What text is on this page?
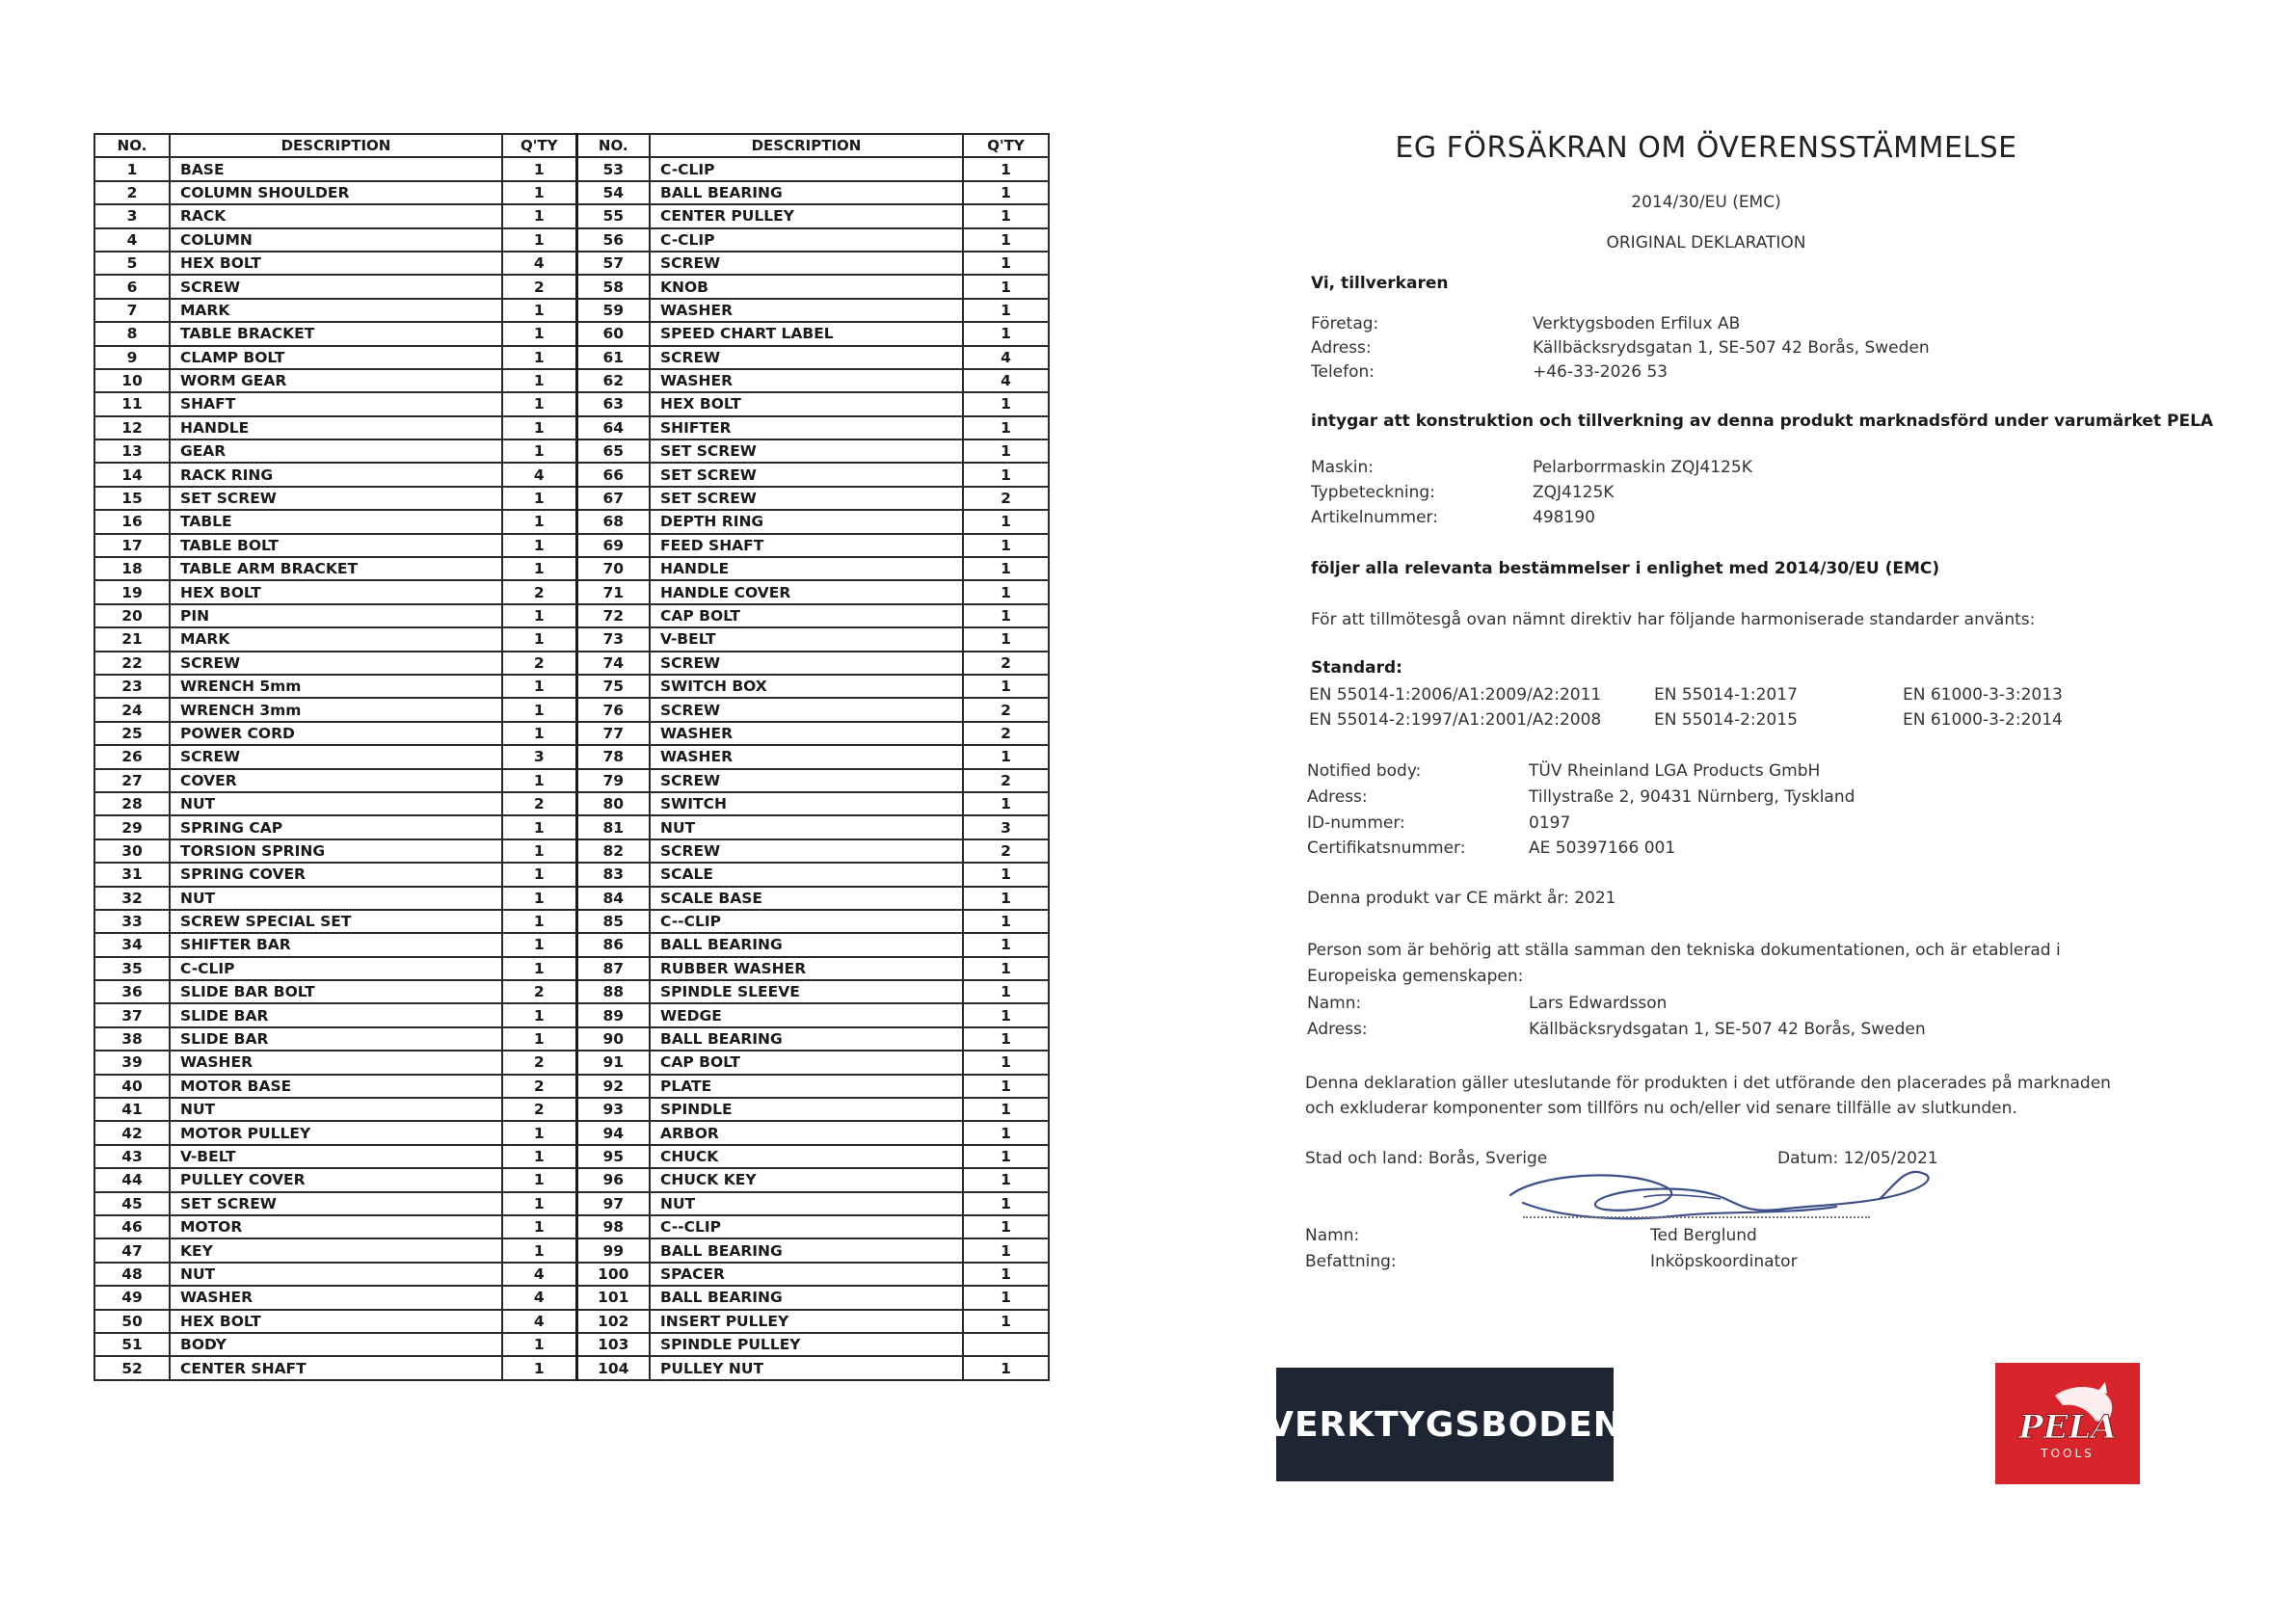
NO.	DESCRIPTION	Q'TY	NO.	DESCRIPTION	Q'TY
1	BASE	1	53	C-CLIP	1
2	COLUMN SHOULDER	1	54	BALL BEARING	1
3	RACK	1	55	CENTER PULLEY	1
4	COLUMN	1	56	C-CLIP	1
5	HEX BOLT	4	57	SCREW	1
6	SCREW	2	58	KNOB	1
7	MARK	1	59	WASHER	1
8	TABLE BRACKET	1	60	SPEED CHART LABEL	1
9	CLAMP BOLT	1	61	SCREW	4
10	WORM GEAR	1	62	WASHER	4
11	SHAFT	1	63	HEX BOLT	1
12	HANDLE	1	64	SHIFTER	1
13	GEAR	1	65	SET SCREW	1
14	RACK RING	4	66	SET SCREW	1
15	SET SCREW	1	67	SET SCREW	2
16	TABLE	1	68	DEPTH RING	1
17	TABLE BOLT	1	69	FEED SHAFT	1
18	TABLE ARM BRACKET	1	70	HANDLE	1
19	HEX BOLT	2	71	HANDLE COVER	1
20	PIN	1	72	CAP BOLT	1
21	MARK	1	73	V-BELT	1
22	SCREW	2	74	SCREW	2
23	WRENCH 5mm	1	75	SWITCH BOX	1
24	WRENCH 3mm	1	76	SCREW	2
25	POWER CORD	1	77	WASHER	2
26	SCREW	3	78	WASHER	1
27	COVER	1	79	SCREW	2
28	NUT	2	80	SWITCH	1
29	SPRING CAP	1	81	NUT	3
30	TORSION SPRING	1	82	SCREW	2
31	SPRING COVER	1	83	SCALE	1
32	NUT	1	84	SCALE BASE	1
33	SCREW SPECIAL SET	1	85	C--CLIP	1
34	SHIFTER BAR	1	86	BALL BEARING	1
35	C-CLIP	1	87	RUBBER WASHER	1
36	SLIDE BAR BOLT	2	88	SPINDLE SLEEVE	1
37	SLIDE BAR	1	89	WEDGE	1
38	SLIDE BAR	1	90	BALL BEARING	1
39	WASHER	2	91	CAP BOLT	1
40	MOTOR BASE	2	92	PLATE	1
41	NUT	2	93	SPINDLE	1
42	MOTOR PULLEY	1	94	ARBOR	1
43	V-BELT	1	95	CHUCK	1
44	PULLEY COVER	1	96	CHUCK KEY	1
45	SET SCREW	1	97	NUT	1
46	MOTOR	1	98	C--CLIP	1
47	KEY	1	99	BALL BEARING	1
48	NUT	4	100	SPACER	1
49	WASHER	4	101	BALL BEARING	1
50	HEX BOLT	4	102	INSERT PULLEY	1
51	BODY	1	103	SPINDLE PULLEY	
52	CENTER SHAFT	1	104	PULLEY NUT	1
EG FÖRSÄKRAN OM ÖVERENSSTÄMMELSE
2014/30/EU (EMC)
ORIGINAL DEKLARATION
Vi, tillverkaren
Företag:	Verktygsboden Erfilux AB
Adress:	Källbäcksrydsgatan 1, SE-507 42 Borås, Sweden
Telefon:	+46-33-2026 53
intygar att konstruktion och tillverkning av denna produkt marknadsförd under varumärket PELA
Maskin:	Pelarborrmaskin ZQJ4125K
Typbeteckning:	ZQJ4125K
Artikelnummer:	498190
följer alla relevanta bestämmelser i enlighet med 2014/30/EU (EMC)
För att tillmötesgå ovan nämnt direktiv har följande harmoniserade standarder använts:
Standard:
EN 55014-1:2006/A1:2009/A2:2011	EN 55014-1:2017	EN 61000-3-3:2013
EN 55014-2:1997/A1:2001/A2:2008	EN 55014-2:2015	EN 61000-3-2:2014
Notified body:	TÜV Rheinland LGA Products GmbH
Adress:	Tillystraße 2, 90431 Nürnberg, Tyskland
ID-nummer:	0197
Certifikatsnummer:	AE 50397166 001
Denna produkt var CE märkt år: 2021
Person som är behörig att ställa samman den tekniska dokumentationen, och är etablerad i
Europeiska gemenskapen:
Namn:	Lars Edwardsson
Adress:	Källbäcksrydsgatan 1, SE-507 42 Borås, Sweden
Denna deklaration gäller uteslutande för produkten i det utförande den placerades på marknaden
och exkluderar komponenter som tillförs nu och/eller vid senare tillfälle av slutkunden.
Stad och land: Borås, Sverige	Datum: 12/05/2021
Namn:	Ted Berglund
Befattning:	Inköpskoordinator
VERKTYGSBODEN	PELA
TOOLS
